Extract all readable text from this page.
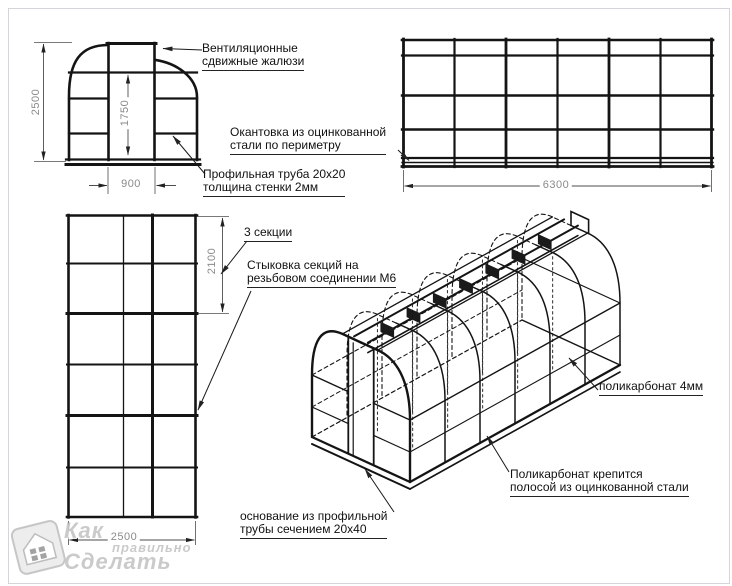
2500	1750
900	6300
2100
2500
Вентиляционные
сдвижные жалюзи
Окантовка из оцинкованной
стали по периметру
Профильная труба 20x20
толщина стенки 2мм
3 секции
Стыковка секций на
резьбовом соединении М6
поликарбонат 4мм
Поликарбонат крепится
полосой из оцинкованной стали
основание из профильной
трубы сечением 20x40
Как
правильно
Сделать
